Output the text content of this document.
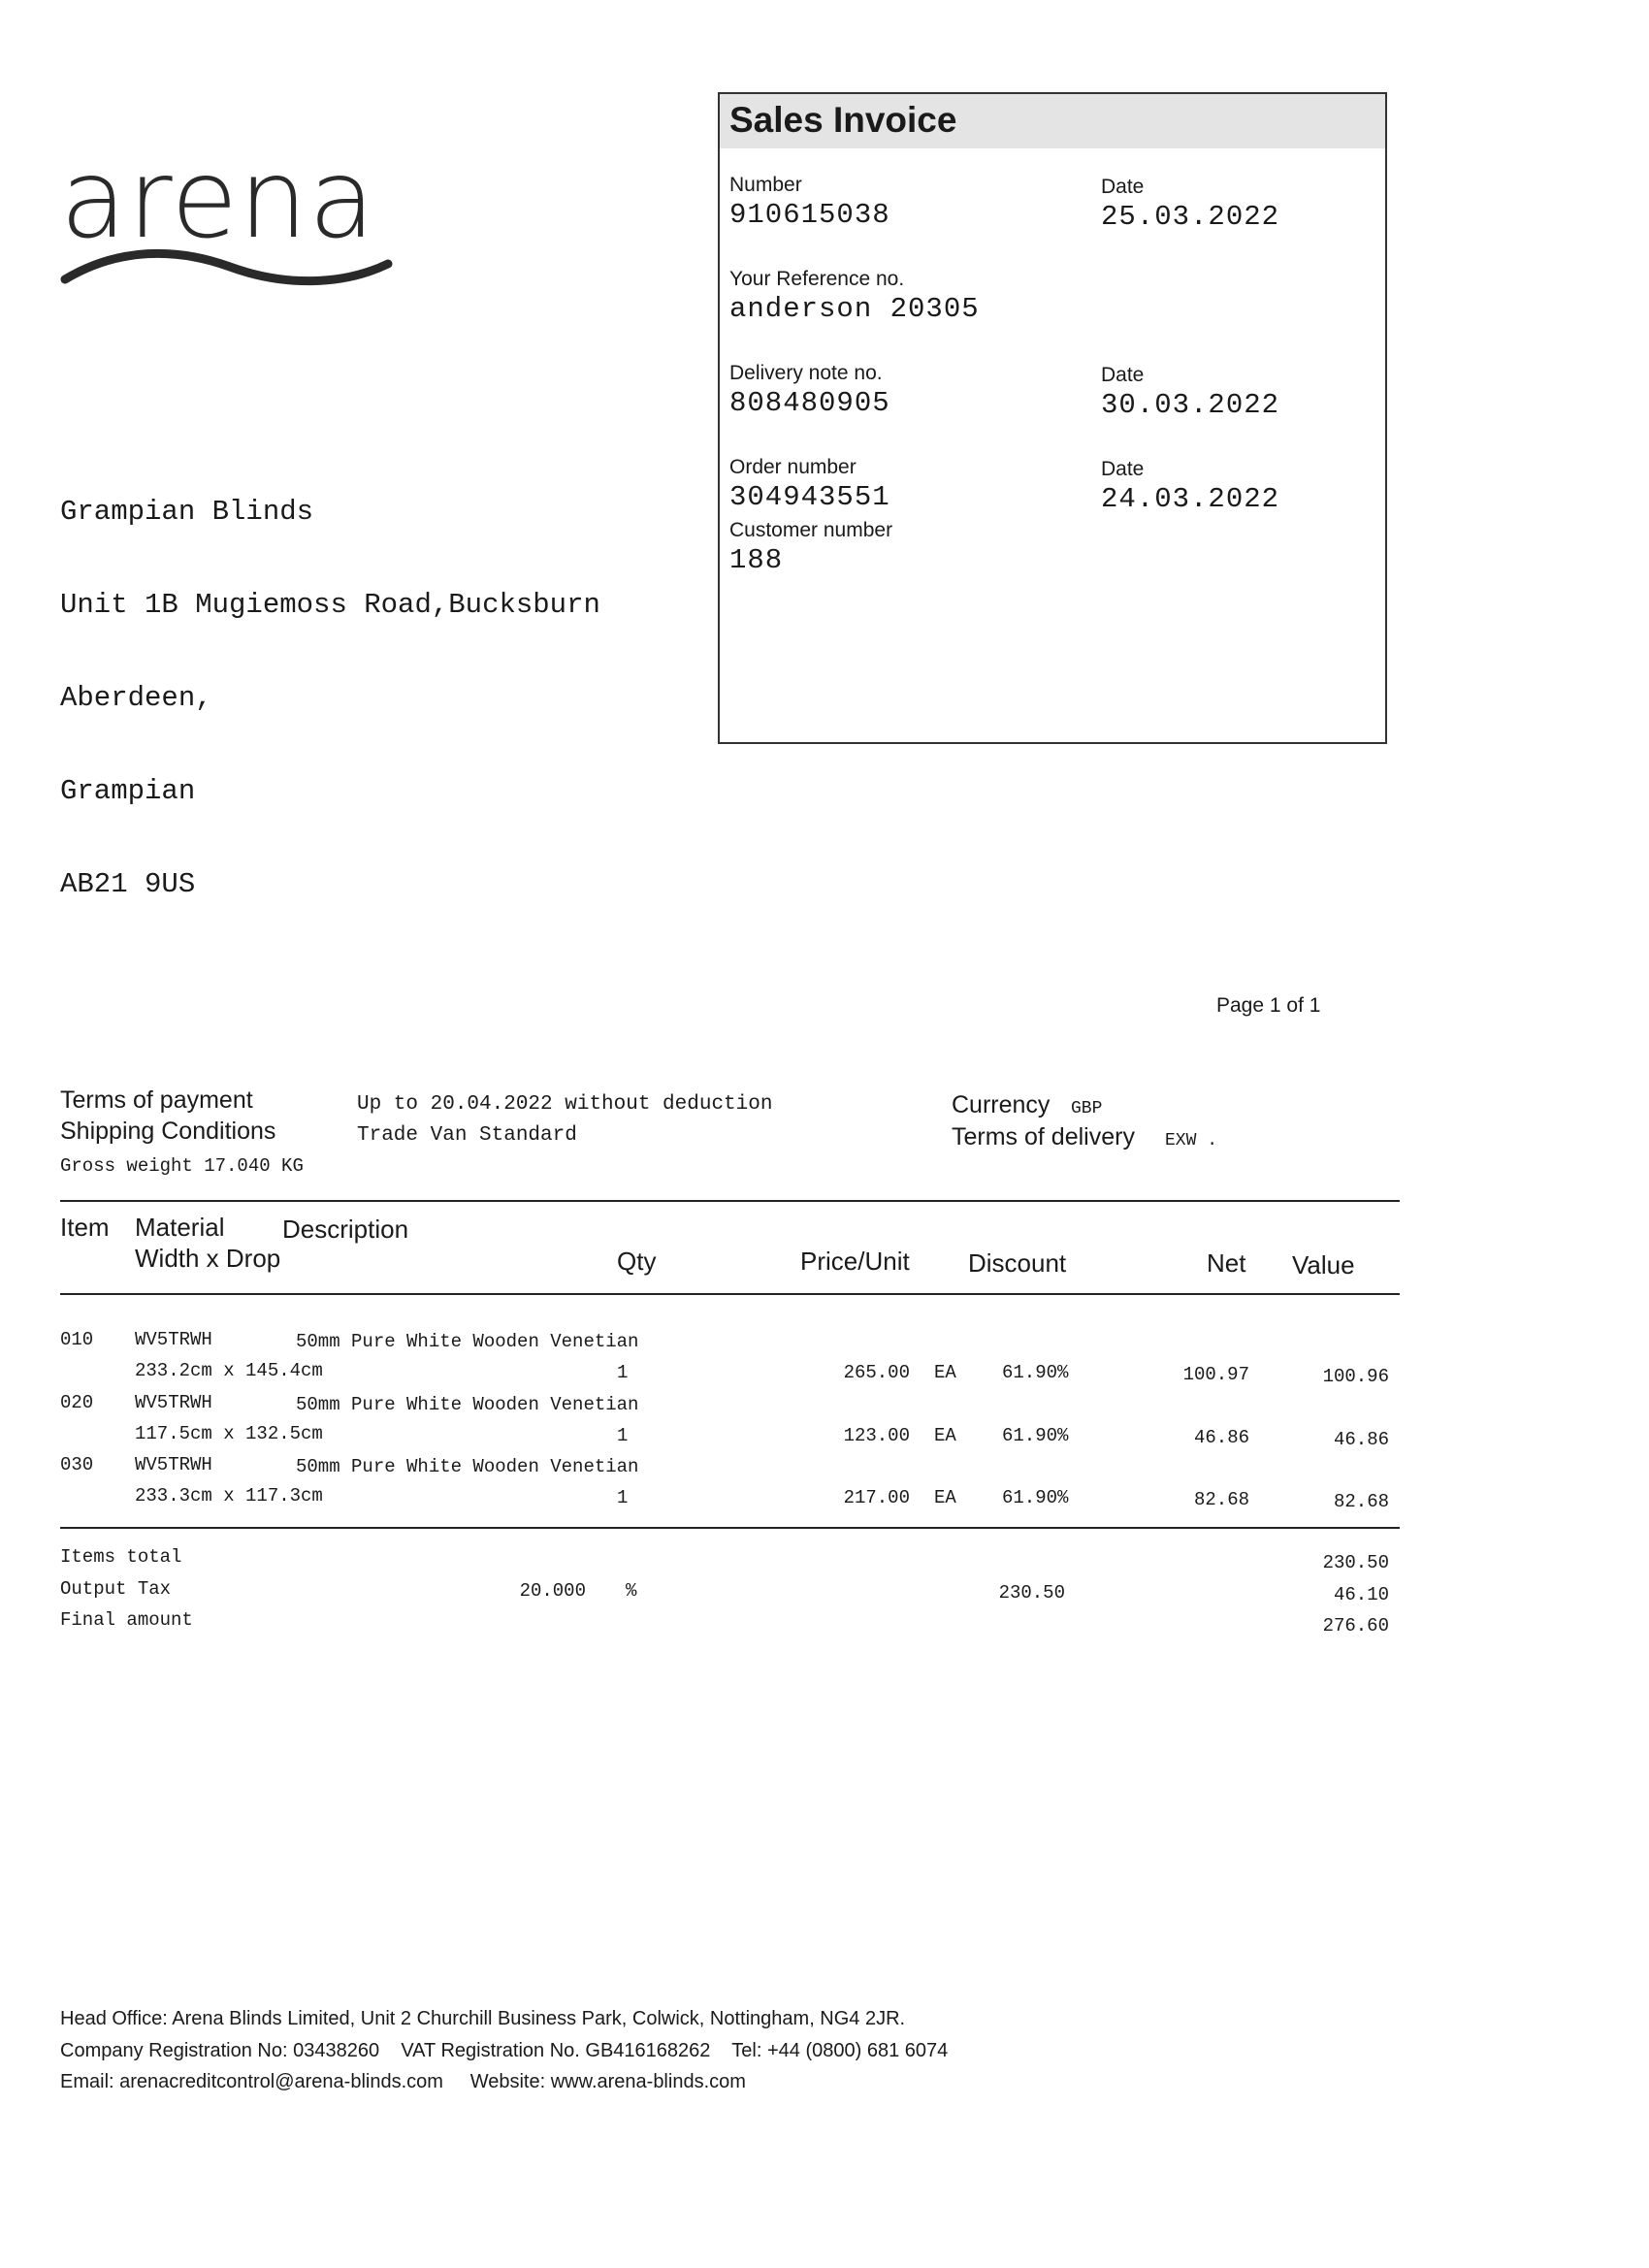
arena

Grampian Blinds

Unit 1B Mugiemoss Road,Bucksburn

Aberdeen,

Grampian

AB21 9US

Sales Invoice
Number
910615038
Date
25.03.2022
Your Reference no.
anderson 20305
Delivery note no.
808480905
Date
30.03.2022
Order number
304943551
Date
24.03.2022
Customer number
188
Page 1 of 1
Terms of payment	Up to 20.04.2022 without deduction
Shipping Conditions	Trade Van Standard
Gross weight 17.040 KG
Currency GBP
Terms of delivery EXW .
Item Material Description
Width x Drop	Qty	Price/Unit Discount	Net Value
010 WV5TRWH	50mm Pure White Wooden Venetian
233.2cm x 145.4cm	1	265.00 EA 61.90%	100.97	100.96
020 WV5TRWH	50mm Pure White Wooden Venetian
117.5cm x 132.5cm	1	123.00 EA 61.90%	46.86	46.86
030 WV5TRWH	50mm Pure White Wooden Venetian
233.3cm x 117.3cm	1	217.00 EA 61.90%	82.68	82.68
Items total	230.50
Output Tax	20.000 %	230.50	46.10
Final amount	276.60
Head Office: Arena Blinds Limited, Unit 2 Churchill Business Park, Colwick, Nottingham, NG4 2JR.
Company Registration No: 03438260 VAT Registration No. GB416168262 Tel: +44 (0800) 681 6074
Email: arenacreditcontrol@arena-blinds.com Website: www.arena-blinds.com
